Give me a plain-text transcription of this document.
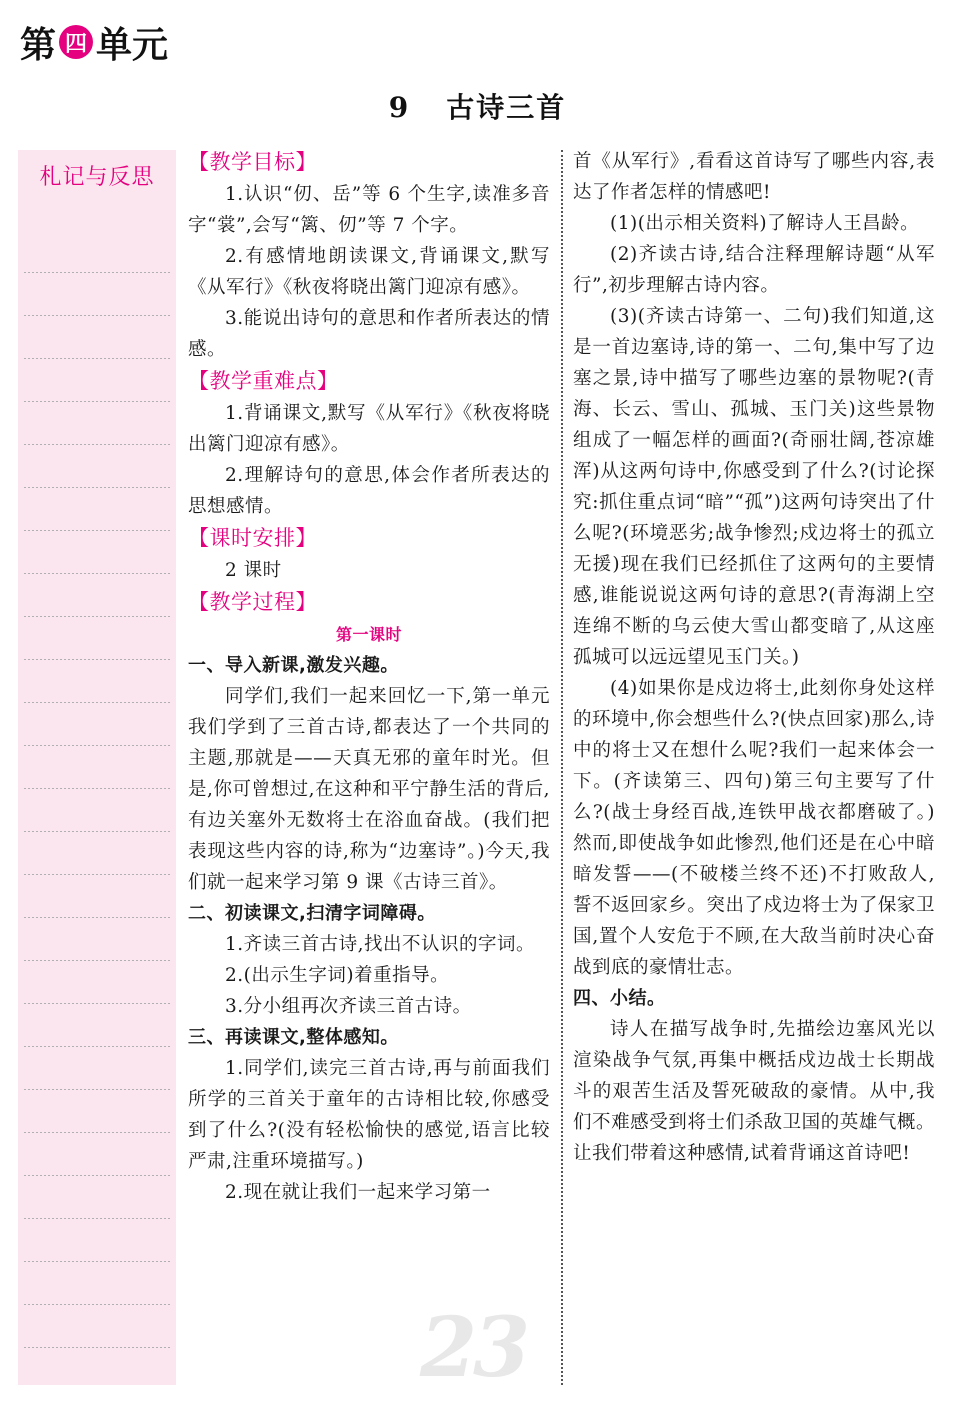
第 四 单元
9 古诗三首
札记与反思
23

【教学目标】

1.认识“仞、岳”等 6 个生字,读准多音字“裳”,会写“篱、仞”等 7 个字。

2.有感情地朗读课文,背诵课文,默写《从军行》《秋夜将晓出篱门迎凉有感》。

3.能说出诗句的意思和作者所表达的情感。

【教学重难点】

1.背诵课文,默写《从军行》《秋夜将晓出篱门迎凉有感》。

2.理解诗句的意思,体会作者所表达的思想感情。

【课时安排】

2 课时

【教学过程】

第一课时

一、导入新课,激发兴趣。

同学们,我们一起来回忆一下,第一单元我们学到了三首古诗,都表达了一个共同的主题,那就是——天真无邪的童年时光。但是,你可曾想过,在这种和平宁静生活的背后,有边关塞外无数将士在浴血奋战。(我们把表现这些内容的诗,称为“边塞诗”。)今天,我们就一起来学习第 9 课《古诗三首》。

二、初读课文,扫清字词障碍。

1.齐读三首古诗,找出不认识的字词。

2.(出示生字词)着重指导。

3.分小组再次齐读三首古诗。

三、再读课文,整体感知。

1.同学们,读完三首古诗,再与前面我们所学的三首关于童年的古诗相比较,你感受到了什么?(没有轻松愉快的感觉,语言比较严肃,注重环境描写。)

2.现在就让我们一起来学习第一

首《从军行》,看看这首诗写了哪些内容,表达了作者怎样的情感吧!

(1)(出示相关资料)了解诗人王昌龄。

(2)齐读古诗,结合注释理解诗题“从军行”,初步理解古诗内容。

(3)(齐读古诗第一、二句)我们知道,这是一首边塞诗,诗的第一、二句,集中写了边塞之景,诗中描写了哪些边塞的景物呢?(青海、长云、雪山、孤城、玉门关)这些景物组成了一幅怎样的画面?(奇丽壮阔,苍凉雄浑)从这两句诗中,你感受到了什么?(讨论探究:抓住重点词“暗”“孤”)这两句诗突出了什么呢?(环境恶劣;战争惨烈;戍边将士的孤立无援)现在我们已经抓住了这两句的主要情感,谁能说说这两句诗的意思?(青海湖上空连绵不断的乌云使大雪山都变暗了,从这座孤城可以远远望见玉门关。)

(4)如果你是戍边将士,此刻你身处这样的环境中,你会想些什么?(快点回家)那么,诗中的将士又在想什么呢?我们一起来体会一下。(齐读第三、四句)第三句主要写了什么?(战士身经百战,连铁甲战衣都磨破了。)然而,即使战争如此惨烈,他们还是在心中暗暗发誓——(不破楼兰终不还)不打败敌人,誓不返回家乡。突出了戍边将士为了保家卫国,置个人安危于不顾,在大敌当前时决心奋战到底的豪情壮志。

四、小结。

诗人在描写战争时,先描绘边塞风光以渲染战争气氛,再集中概括戍边战士长期战斗的艰苦生活及誓死破敌的豪情。从中,我们不难感受到将士们杀敌卫国的英雄气概。让我们带着这种感情,试着背诵这首诗吧!
